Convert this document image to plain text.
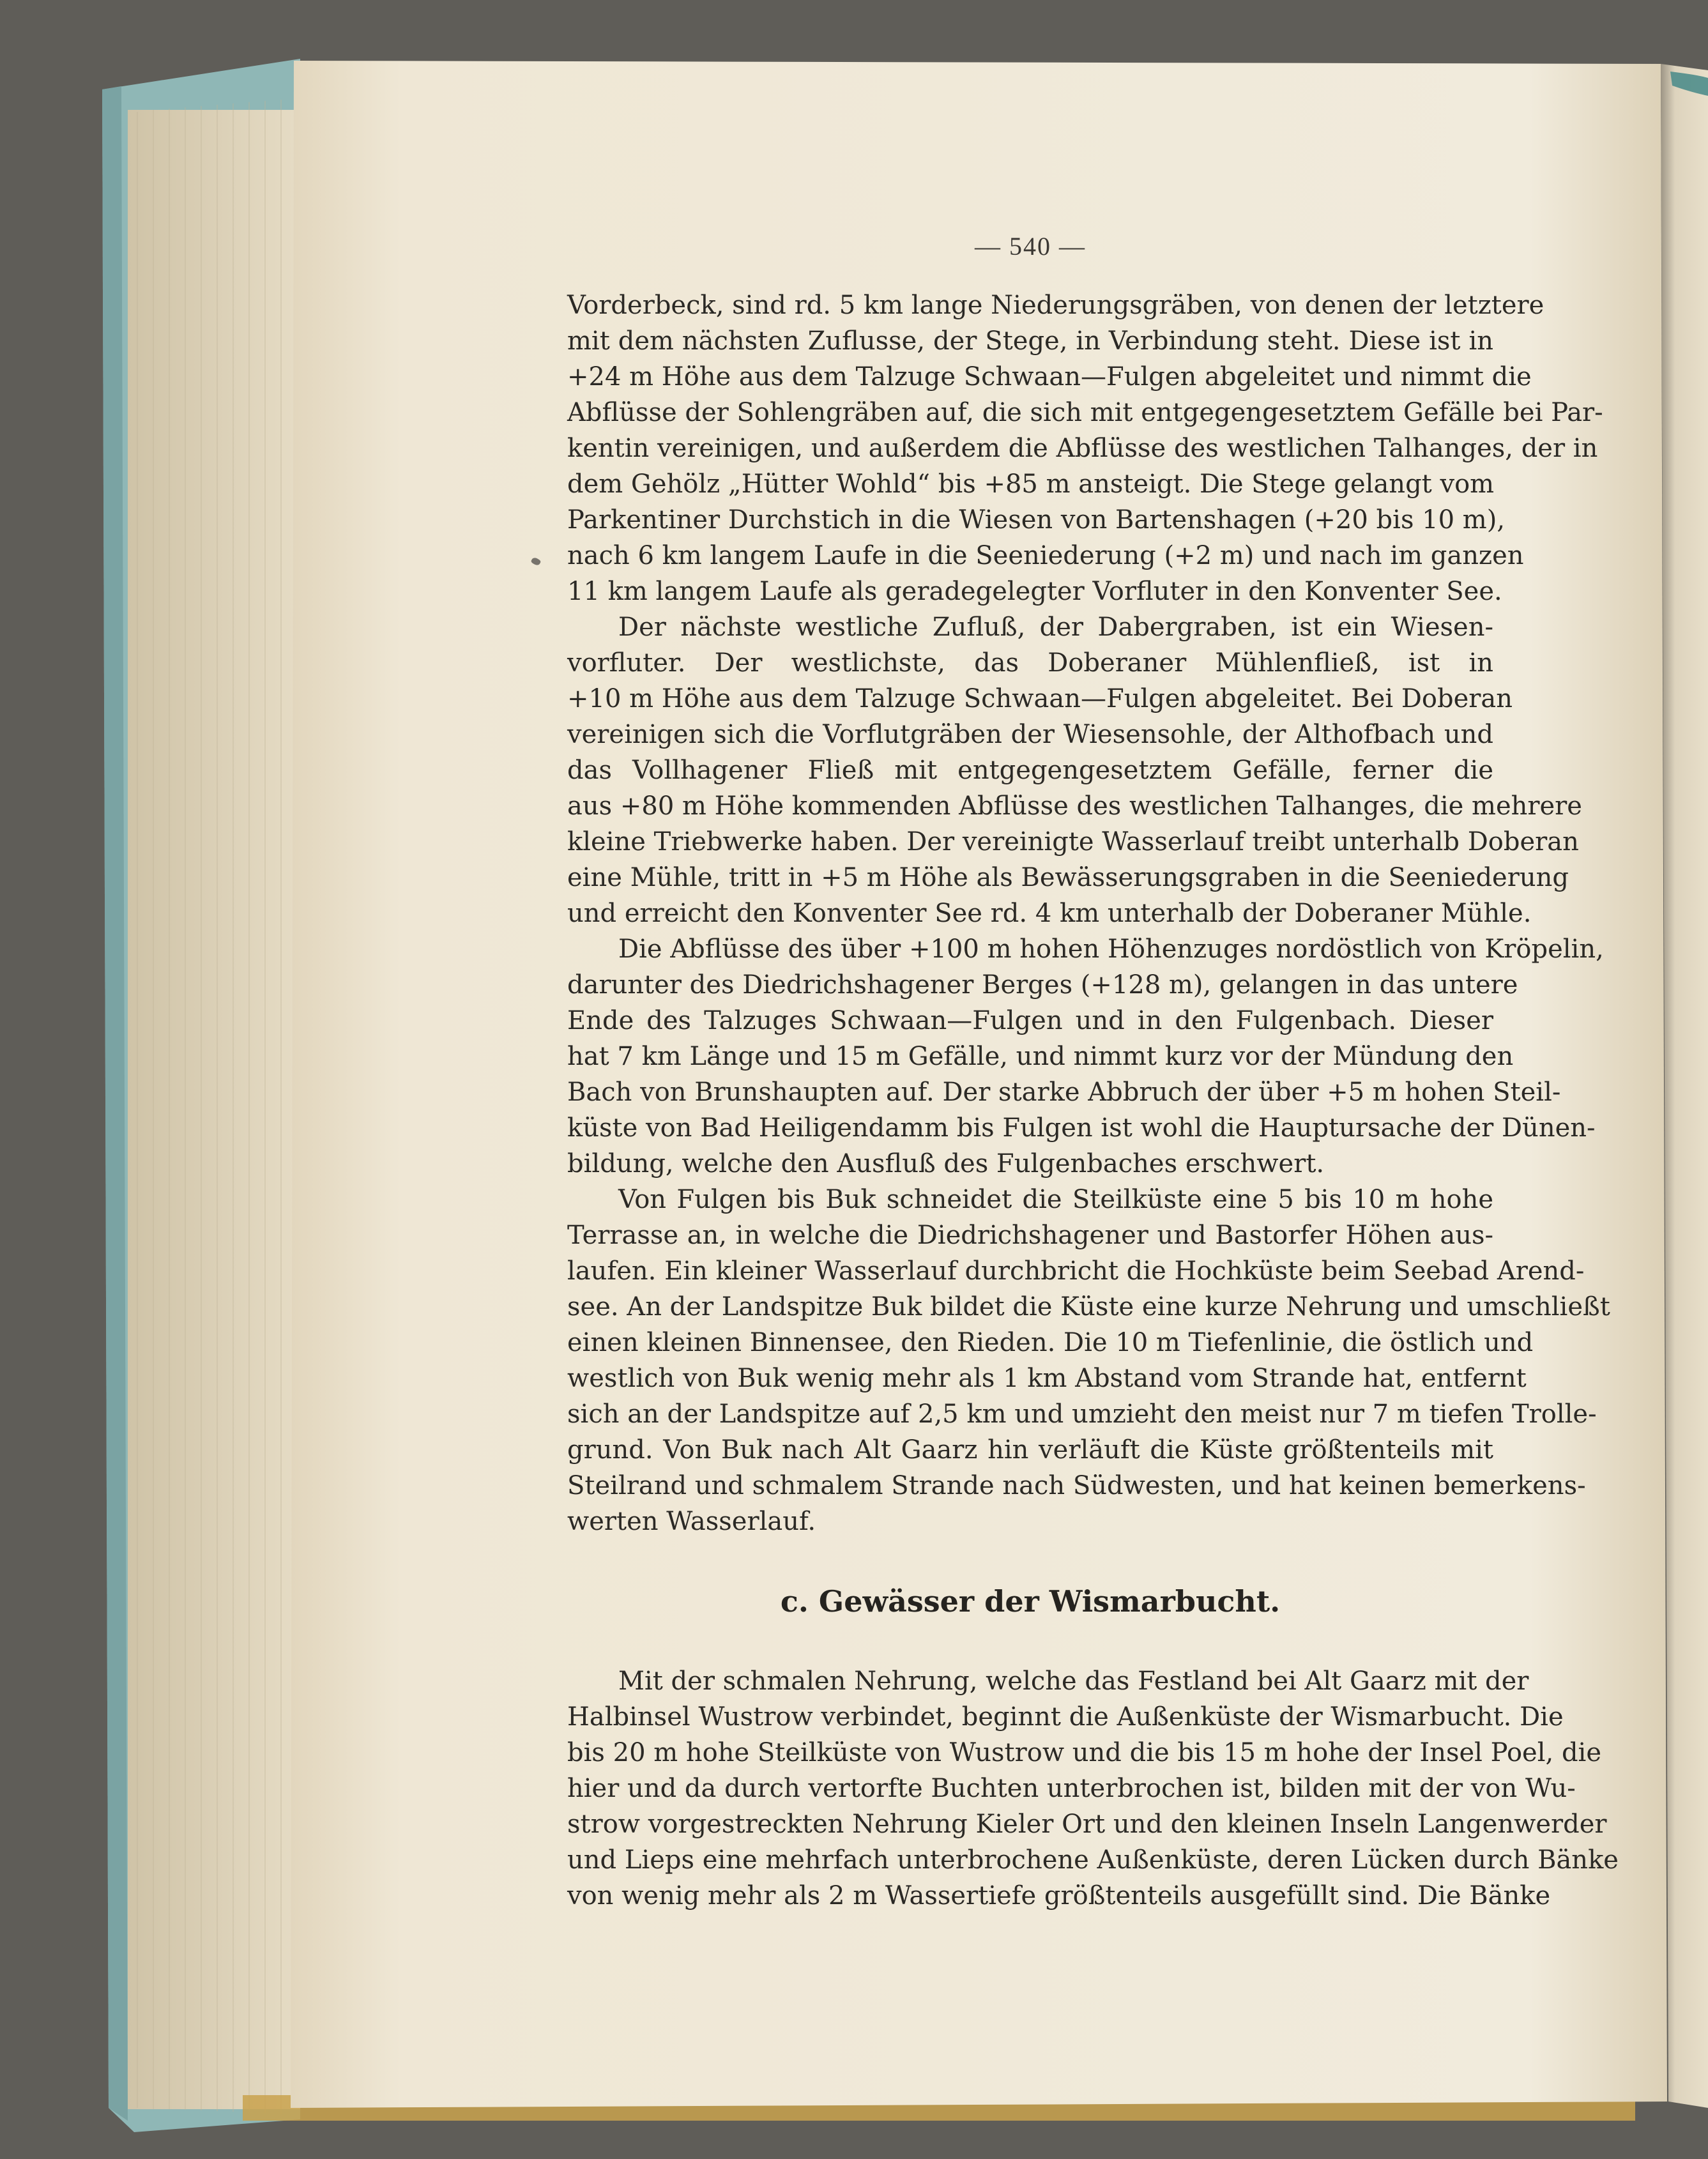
— 540 —
Vorderbeck, sind rd. 5 km lange Niederungsgräben, von denen der letztere
mit dem nächsten Zuflusse, der Stege, in Verbindung steht. Diese ist in
+24 m Höhe aus dem Talzuge Schwaan—Fulgen abgeleitet und nimmt die
Abflüsse der Sohlengräben auf, die sich mit entgegengesetztem Gefälle bei Par-
kentin vereinigen, und außerdem die Abflüsse des westlichen Talhanges, der in
dem Gehölz „Hütter Wohld“ bis +85 m ansteigt. Die Stege gelangt vom
Parkentiner Durchstich in die Wiesen von Bartenshagen (+20 bis 10 m),
nach 6 km langem Laufe in die Seeniederung (+2 m) und nach im ganzen
11 km langem Laufe als geradegelegter Vorfluter in den Konventer See.
Der nächste westliche Zufluß, der Dabergraben, ist ein Wiesen-
vorfluter. Der westlichste, das Doberaner Mühlenfließ, ist in
+10 m Höhe aus dem Talzuge Schwaan—Fulgen abgeleitet. Bei Doberan
vereinigen sich die Vorflutgräben der Wiesensohle, der Althofbach und
das Vollhagener Fließ mit entgegengesetztem Gefälle, ferner die
aus +80 m Höhe kommenden Abflüsse des westlichen Talhanges, die mehrere
kleine Triebwerke haben. Der vereinigte Wasserlauf treibt unterhalb Doberan
eine Mühle, tritt in +5 m Höhe als Bewässerungsgraben in die Seeniederung
und erreicht den Konventer See rd. 4 km unterhalb der Doberaner Mühle.
Die Abflüsse des über +100 m hohen Höhenzuges nordöstlich von Kröpelin,
darunter des Diedrichshagener Berges (+128 m), gelangen in das untere
Ende des Talzuges Schwaan—Fulgen und in den Fulgenbach. Dieser
hat 7 km Länge und 15 m Gefälle, und nimmt kurz vor der Mündung den
Bach von Brunshaupten auf. Der starke Abbruch der über +5 m hohen Steil-
küste von Bad Heiligendamm bis Fulgen ist wohl die Hauptursache der Dünen-
bildung, welche den Ausfluß des Fulgenbaches erschwert.
Von Fulgen bis Buk schneidet die Steilküste eine 5 bis 10 m hohe
Terrasse an, in welche die Diedrichshagener und Bastorfer Höhen aus-
laufen. Ein kleiner Wasserlauf durchbricht die Hochküste beim Seebad Arend-
see. An der Landspitze Buk bildet die Küste eine kurze Nehrung und umschließt
einen kleinen Binnensee, den Rieden. Die 10 m Tiefenlinie, die östlich und
westlich von Buk wenig mehr als 1 km Abstand vom Strande hat, entfernt
sich an der Landspitze auf 2,5 km und umzieht den meist nur 7 m tiefen Trolle-
grund. Von Buk nach Alt Gaarz hin verläuft die Küste größtenteils mit
Steilrand und schmalem Strande nach Südwesten, und hat keinen bemerkens-
werten Wasserlauf.
c. Gewässer der Wismarbucht.
Mit der schmalen Nehrung, welche das Festland bei Alt Gaarz mit der
Halbinsel Wustrow verbindet, beginnt die Außenküste der Wismarbucht. Die
bis 20 m hohe Steilküste von Wustrow und die bis 15 m hohe der Insel Poel, die
hier und da durch vertorfte Buchten unterbrochen ist, bilden mit der von Wu-
strow vorgestreckten Nehrung Kieler Ort und den kleinen Inseln Langenwerder
und Lieps eine mehrfach unterbrochene Außenküste, deren Lücken durch Bänke
von wenig mehr als 2 m Wassertiefe größtenteils ausgefüllt sind. Die Bänke
